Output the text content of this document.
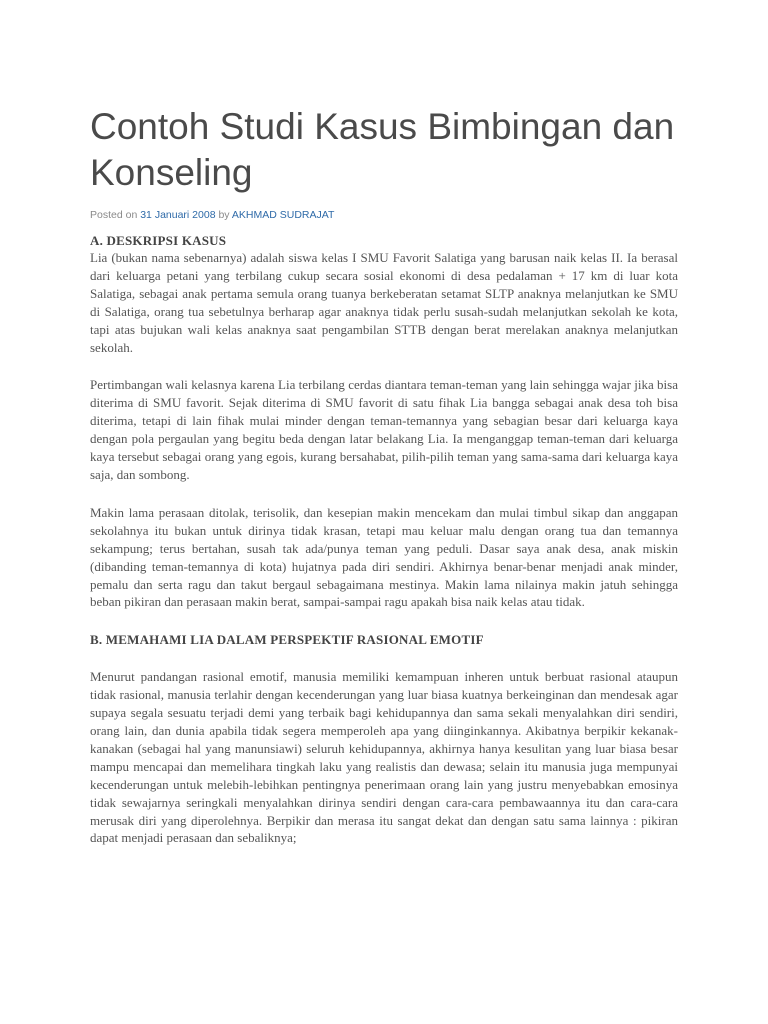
Contoh Studi Kasus Bimbingan dan Konseling
Posted on 31 Januari 2008 by AKHMAD SUDRAJAT
A. DESKRIPSI KASUS

Lia (bukan nama sebenarnya) adalah siswa kelas I SMU Favorit Salatiga yang barusan naik kelas II. Ia berasal dari keluarga petani yang terbilang cukup secara sosial ekonomi di desa pedalaman + 17 km di luar kota Salatiga, sebagai anak pertama semula orang tuanya berkeberatan setamat SLTP anaknya melanjutkan ke SMU di Salatiga, orang tua sebetulnya berharap agar anaknya tidak perlu susah-sudah melanjutkan sekolah ke kota, tapi atas bujukan wali kelas anaknya saat pengambilan STTB dengan berat merelakan anaknya melanjutkan sekolah.

Pertimbangan wali kelasnya karena Lia terbilang cerdas diantara teman-teman yang lain sehingga wajar jika bisa diterima di SMU favorit. Sejak diterima di SMU favorit di satu fihak Lia bangga sebagai anak desa toh bisa diterima, tetapi di lain fihak mulai minder dengan teman-temannya yang sebagian besar dari keluarga kaya dengan pola pergaulan yang begitu beda dengan latar belakang Lia. Ia menganggap teman-teman dari keluarga kaya tersebut sebagai orang yang egois, kurang bersahabat, pilih-pilih teman yang sama-sama dari keluarga kaya saja, dan sombong.

Makin lama perasaan ditolak, terisolik, dan kesepian makin mencekam dan mulai timbul sikap dan anggapan sekolahnya itu bukan untuk dirinya tidak krasan, tetapi mau keluar malu dengan orang tua dan temannya sekampung; terus bertahan, susah tak ada/punya teman yang peduli. Dasar saya anak desa, anak miskin (dibanding teman-temannya di kota) hujatnya pada diri sendiri. Akhirnya benar-benar menjadi anak minder, pemalu dan serta ragu dan takut bergaul sebagaimana mestinya. Makin lama nilainya makin jatuh sehingga beban pikiran dan perasaan makin berat, sampai-sampai ragu apakah bisa naik kelas atau tidak.

B. MEMAHAMI LIA DALAM PERSPEKTIF RASIONAL EMOTIF

Menurut pandangan rasional emotif, manusia memiliki kemampuan inheren untuk berbuat rasional ataupun tidak rasional, manusia terlahir dengan kecenderungan yang luar biasa kuatnya berkeinginan dan mendesak agar supaya segala sesuatu terjadi demi yang terbaik bagi kehidupannya dan sama sekali menyalahkan diri sendiri, orang lain, dan dunia apabila tidak segera memperoleh apa yang diinginkannya. Akibatnya berpikir kekanak-kanakan (sebagai hal yang manunsiawi) seluruh kehidupannya, akhirnya hanya kesulitan yang luar biasa besar mampu mencapai dan memelihara tingkah laku yang realistis dan dewasa; selain itu manusia juga mempunyai kecenderungan untuk melebih-lebihkan pentingnya penerimaan orang lain yang justru menyebabkan emosinya tidak sewajarnya seringkali menyalahkan dirinya sendiri dengan cara-cara pembawaannya itu dan cara-cara merusak diri yang diperolehnya. Berpikir dan merasa itu sangat dekat dan dengan satu sama lainnya : pikiran dapat menjadi perasaan dan sebaliknya;
